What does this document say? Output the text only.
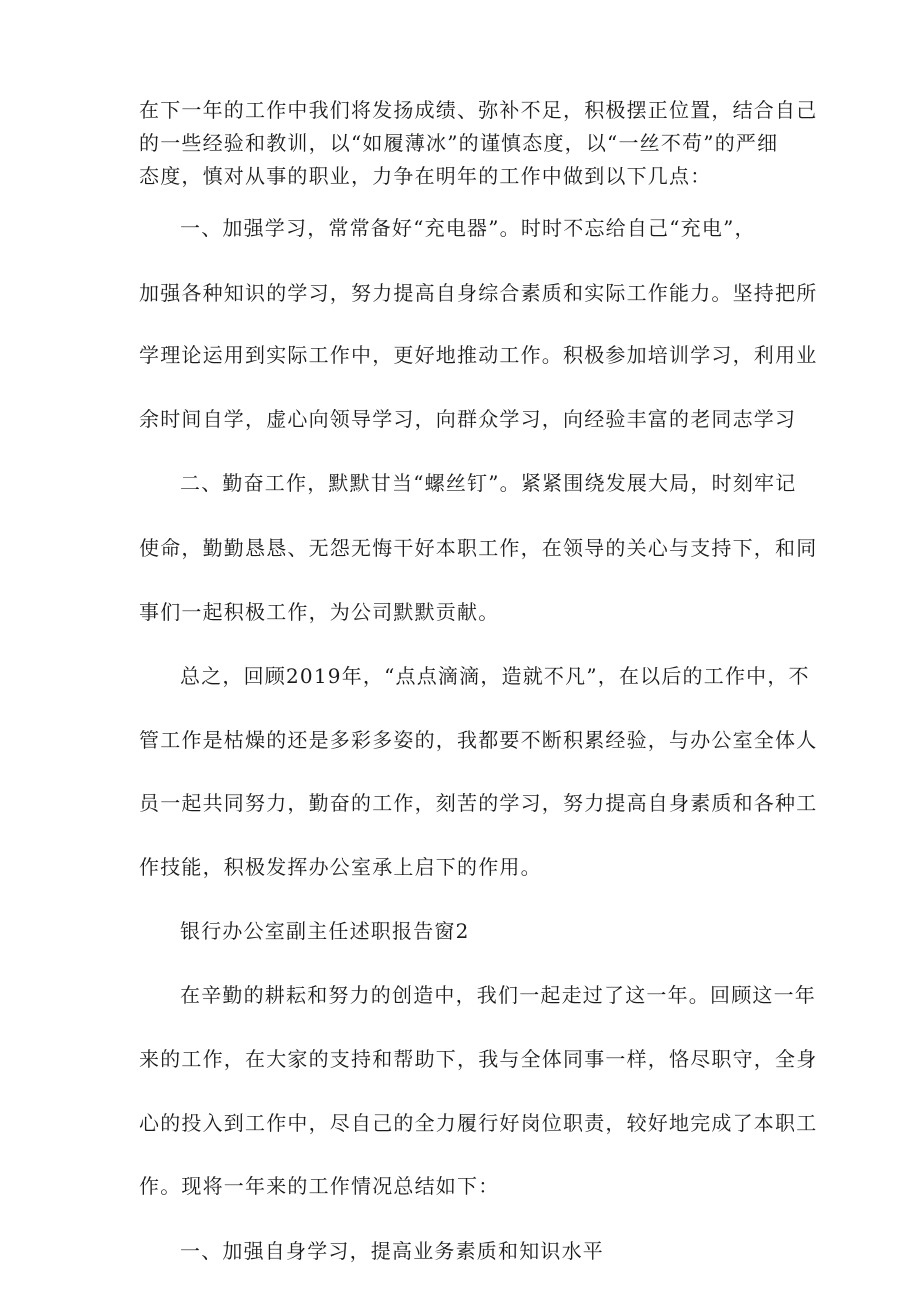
在下一年的工作中我们将发扬成绩、弥补不足，积极摆正位置，结合自己
的一些经验和教训，以“如履薄冰”的谨慎态度，以“一丝不苟”的严细
态度，慎对从事的职业，力争在明年的工作中做到以下几点：
一、加强学习，常常备好“充电器”。时时不忘给自己“充电”，
加强各种知识的学习，努力提高自身综合素质和实际工作能力。坚持把所
学理论运用到实际工作中，更好地推动工作。积极参加培训学习，利用业
余时间自学，虚心向领导学习，向群众学习，向经验丰富的老同志学习
二、勤奋工作，默默甘当“螺丝钉”。紧紧围绕发展大局，时刻牢记
使命，勤勤恳恳、无怨无悔干好本职工作，在领导的关心与支持下，和同
事们一起积极工作，为公司默默贡献。
总之，回顾2019年，“点点滴滴，造就不凡”，在以后的工作中，不
管工作是枯燥的还是多彩多姿的，我都要不断积累经验，与办公室全体人
员一起共同努力，勤奋的工作，刻苦的学习，努力提高自身素质和各种工
作技能，积极发挥办公室承上启下的作用。
银行办公室副主任述职报告窗2
在辛勤的耕耘和努力的创造中，我们一起走过了这一年。回顾这一年
来的工作，在大家的支持和帮助下，我与全体同事一样，恪尽职守，全身
心的投入到工作中，尽自己的全力履行好岗位职责，较好地完成了本职工
作。现将一年来的工作情况总结如下：
一、加强自身学习，提高业务素质和知识水平
